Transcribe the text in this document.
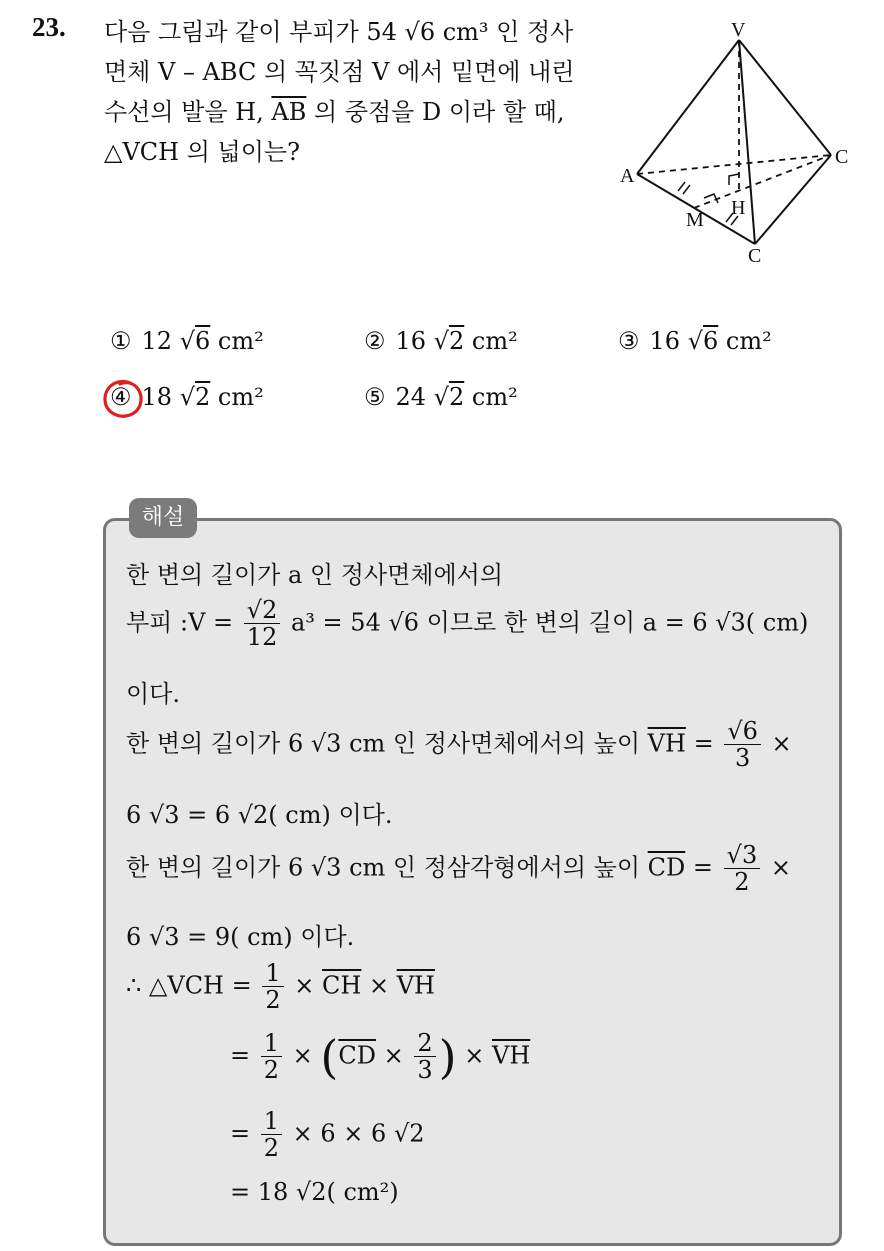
23. 다음 그림과 같이 부피가 54 √6 cm³ 인 정사
면체 V – ABC 의 꼭짓점 V 에서 밑면에 내린
수선의 발을 H, $\overline{AB}$ 의 중점을 D 이라 할 때,
△VCH 의 넓이는?
V
A
C
C
M
H
① 12 √6 cm²	② 16 √2 cm²	③ 16 √6 cm²
④ 18 √2 cm²	⑤ 24 √2 cm²
해설
한 변의 길이가 a 인 정사면체에서의
부피 :V = $\frac{√2}{12} a^3 = 54$ √6 이므로 한 변의 길이 a = 6 √3( cm)
이다.
한 변의 길이가 6 √3 cm 인 정사면체에서의 높이 $\overline{VH} = \frac{√6}{3}$ ×
6 √3 = 6 √2( cm) 이다.
한 변의 길이가 6 √3 cm 인 정삼각형에서의 높이 $\overline{CD} = \frac{√3}{2}$ ×
6 √3 = 9( cm) 이다.
∴ △VCH = $\frac{1}{2} \times \overline{CH} \times \overline{VH}$
= $\frac{1}{2} \times (\overline{CD} \times \frac{2}{3}$ ) × $\overline{VH}$
= $\frac{1}{2} \times 6 \times 6$ √2
= 18 √2( cm²)
